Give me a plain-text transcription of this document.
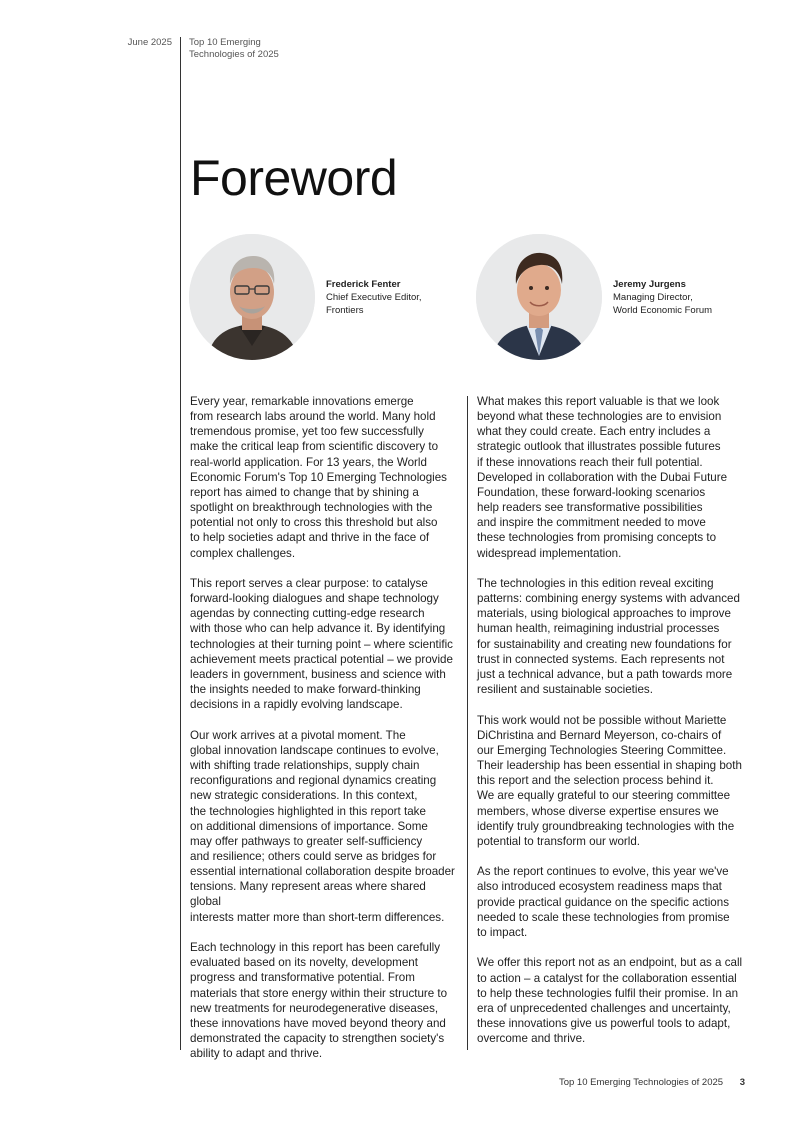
June 2025 Top 10 Emerging
Technologies of 2025
Foreword
Frederick Fenter
Chief Executive Editor,
Frontiers
Jeremy Jurgens
Managing Director,
World Economic Forum

Every year, remarkable innovations emerge
from research labs around the world. Many hold
tremendous promise, yet too few successfully
make the critical leap from scientific discovery to
real-world application. For 13 years, the World
Economic Forum's Top 10 Emerging Technologies
report has aimed to change that by shining a
spotlight on breakthrough technologies with the
potential not only to cross this threshold but also
to help societies adapt and thrive in the face of
complex challenges.

This report serves a clear purpose: to catalyse
forward-looking dialogues and shape technology
agendas by connecting cutting-edge research
with those who can help advance it. By identifying
technologies at their turning point – where scientific
achievement meets practical potential – we provide
leaders in government, business and science with
the insights needed to make forward-thinking
decisions in a rapidly evolving landscape.

Our work arrives at a pivotal moment. The
global innovation landscape continues to evolve,
with shifting trade relationships, supply chain
reconfigurations and regional dynamics creating
new strategic considerations. In this context,
the technologies highlighted in this report take
on additional dimensions of importance. Some
may offer pathways to greater self-sufficiency
and resilience; others could serve as bridges for
essential international collaboration despite broader
tensions. Many represent areas where shared global
interests matter more than short-term differences.

Each technology in this report has been carefully
evaluated based on its novelty, development
progress and transformative potential. From
materials that store energy within their structure to
new treatments for neurodegenerative diseases,
these innovations have moved beyond theory and
demonstrated the capacity to strengthen society's
ability to adapt and thrive.

What makes this report valuable is that we look
beyond what these technologies are to envision
what they could create. Each entry includes a
strategic outlook that illustrates possible futures
if these innovations reach their full potential.
Developed in collaboration with the Dubai Future
Foundation, these forward-looking scenarios
help readers see transformative possibilities
and inspire the commitment needed to move
these technologies from promising concepts to
widespread implementation.

The technologies in this edition reveal exciting
patterns: combining energy systems with advanced
materials, using biological approaches to improve
human health, reimagining industrial processes
for sustainability and creating new foundations for
trust in connected systems. Each represents not
just a technical advance, but a path towards more
resilient and sustainable societies.

This work would not be possible without Mariette
DiChristina and Bernard Meyerson, co-chairs of
our Emerging Technologies Steering Committee.
Their leadership has been essential in shaping both
this report and the selection process behind it.
We are equally grateful to our steering committee
members, whose diverse expertise ensures we
identify truly groundbreaking technologies with the
potential to transform our world.

As the report continues to evolve, this year we've
also introduced ecosystem readiness maps that
provide practical guidance on the specific actions
needed to scale these technologies from promise
to impact.

We offer this report not as an endpoint, but as a call
to action – a catalyst for the collaboration essential
to help these technologies fulfil their promise. In an
era of unprecedented challenges and uncertainty,
these innovations give us powerful tools to adapt,
overcome and thrive.

Top 10 Emerging Technologies of 2025 3
